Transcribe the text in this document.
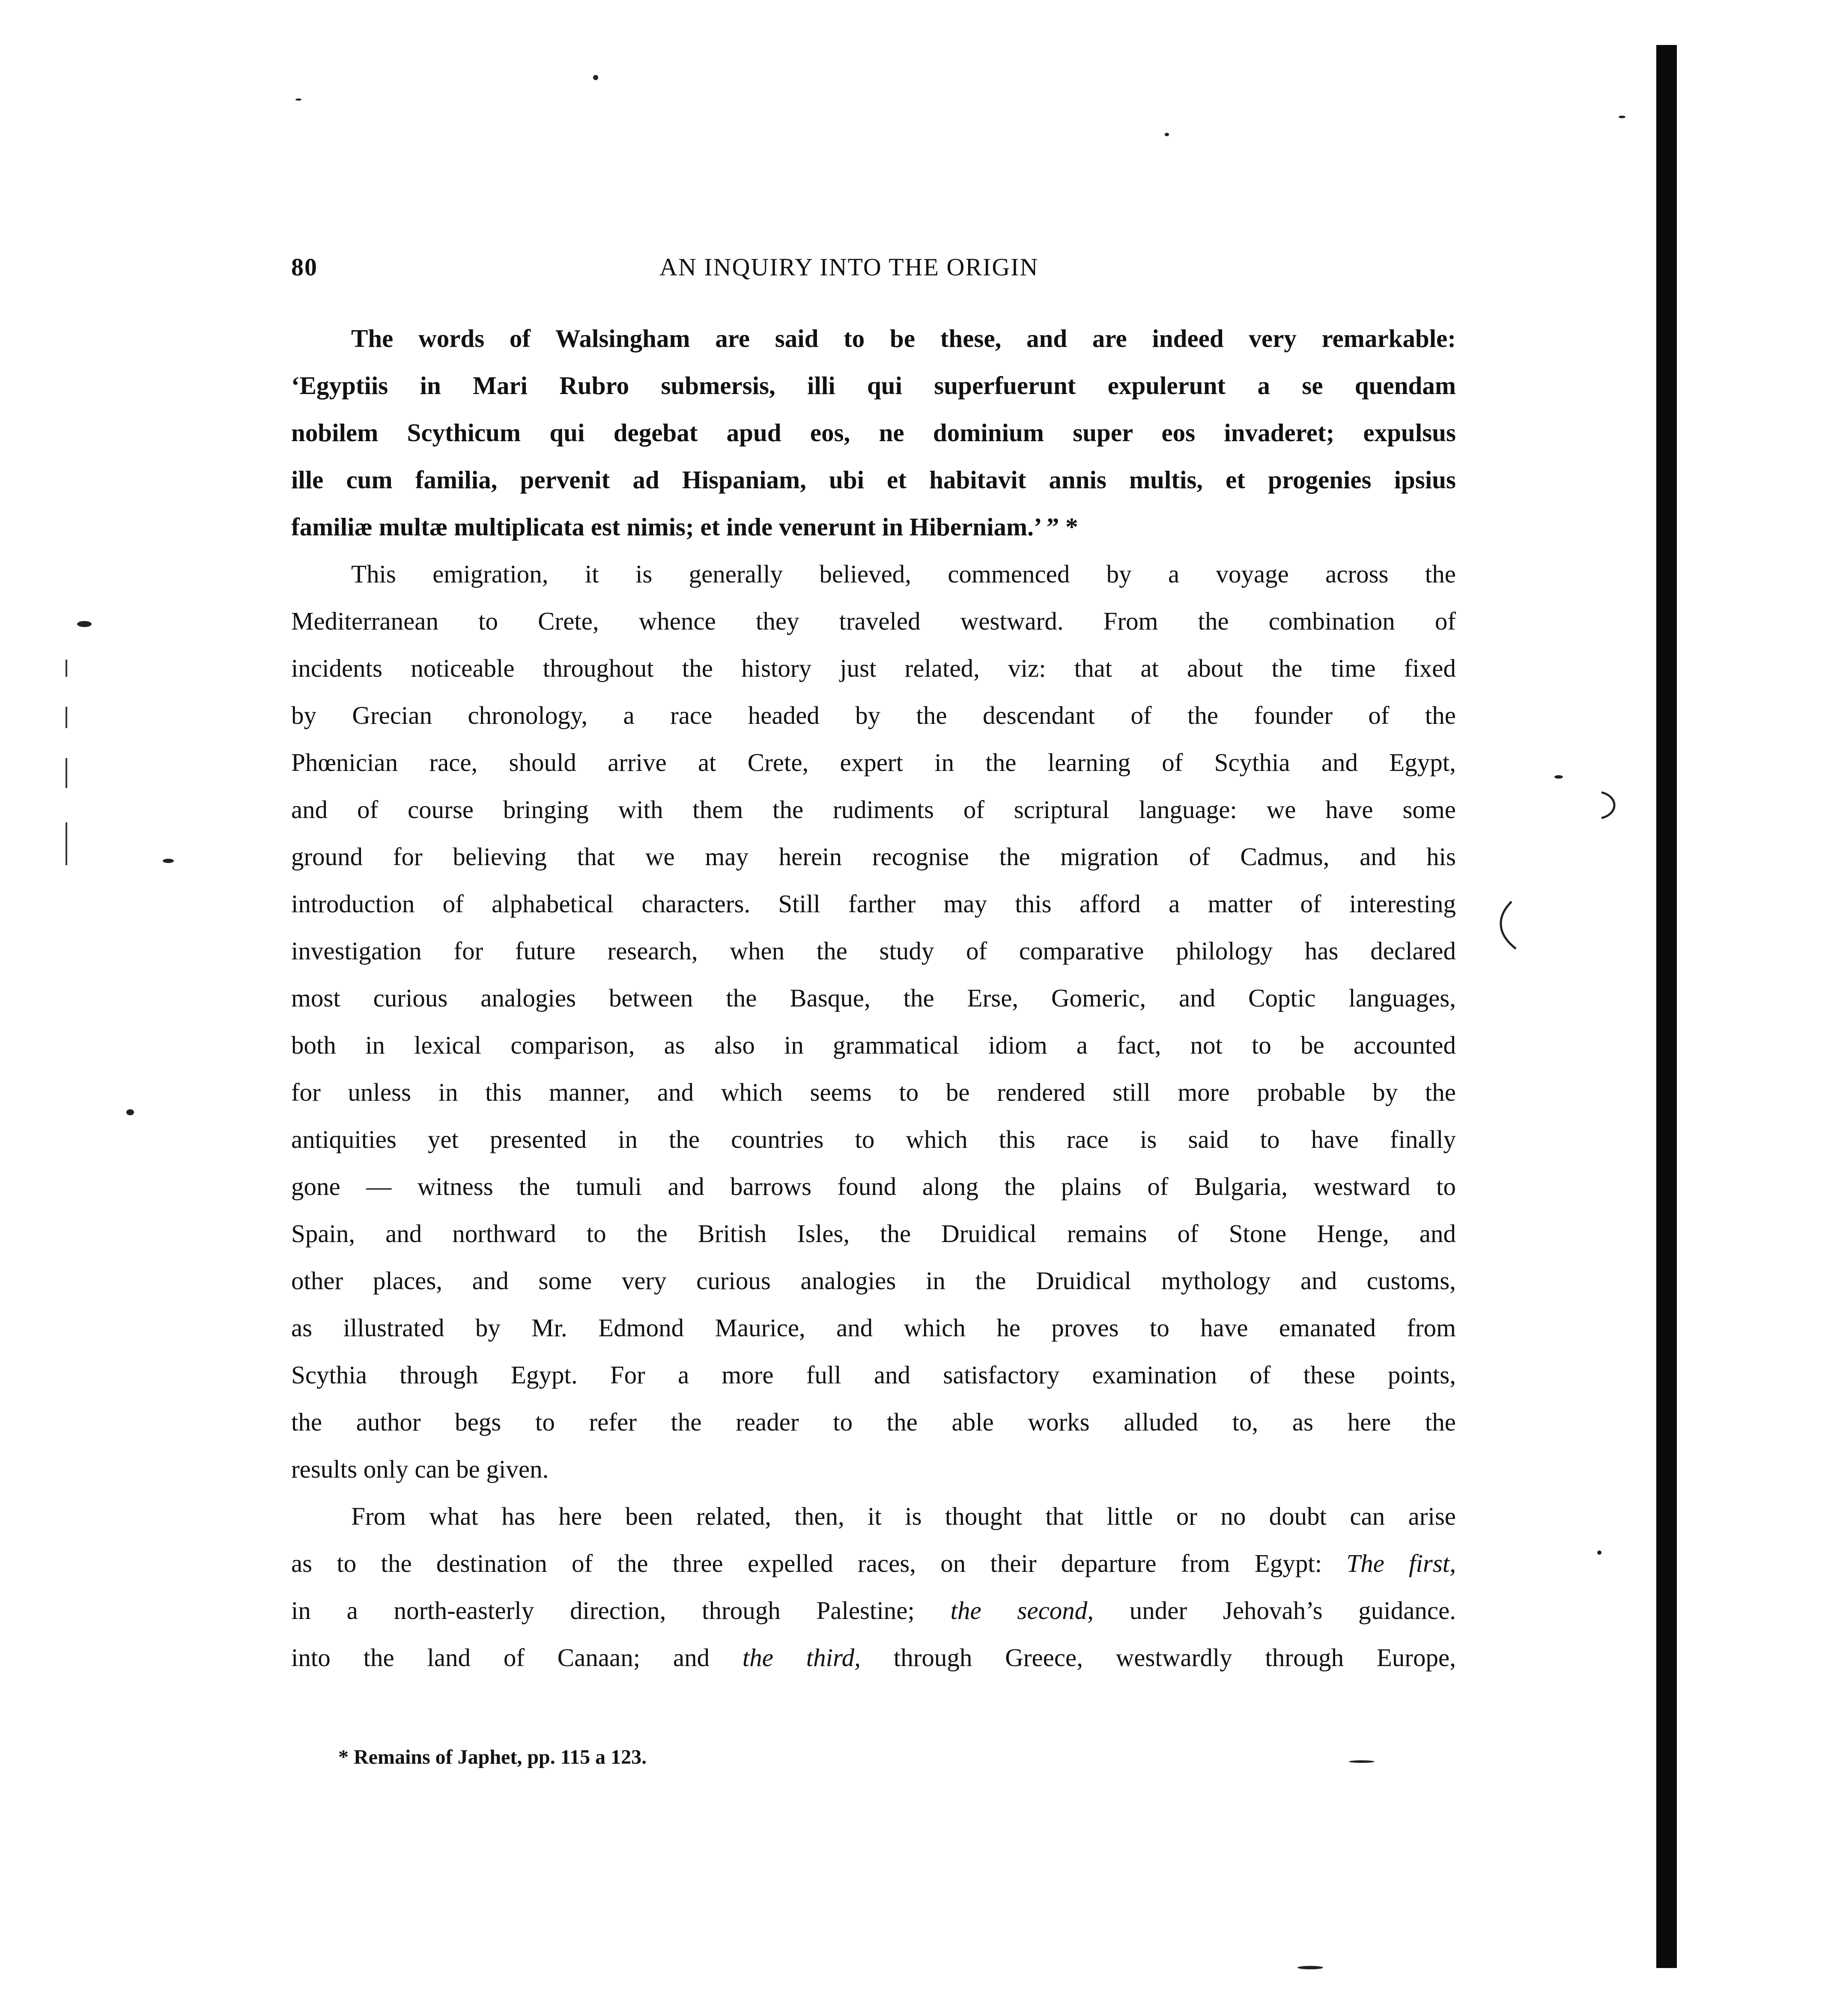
80	AN INQUIRY INTO THE ORIGIN
The words of Walsingham are said to be these, and are indeed very remarkable:
‘Egyptiis in Mari Rubro submersis, illi qui superfuerunt expulerunt a se quendam
nobilem Scythicum qui degebat apud eos, ne dominium super eos invaderet; expulsus
ille cum familia, pervenit ad Hispaniam, ubi et habitavit annis multis, et progenies ipsius
familiæ multæ multiplicata est nimis; et inde venerunt in Hiberniam.’ ” *
This emigration, it is generally believed, commenced by a voyage across the
Mediterranean to Crete, whence they traveled westward. From the combination of
incidents noticeable throughout the history just related, viz: that at about the time fixed
by Grecian chronology, a race headed by the descendant of the founder of the
Phœnician race, should arrive at Crete, expert in the learning of Scythia and Egypt,
and of course bringing with them the rudiments of scriptural language: we have some
ground for believing that we may herein recognise the migration of Cadmus, and his
introduction of alphabetical characters. Still farther may this afford a matter of interesting
investigation for future research, when the study of comparative philology has declared
most curious analogies between the Basque, the Erse, Gomeric, and Coptic languages,
both in lexical comparison, as also in grammatical idiom a fact, not to be accounted
for unless in this manner, and which seems to be rendered still more probable by the
antiquities yet presented in the countries to which this race is said to have finally
gone — witness the tumuli and barrows found along the plains of Bulgaria, westward to
Spain, and northward to the British Isles, the Druidical remains of Stone Henge, and
other places, and some very curious analogies in the Druidical mythology and customs,
as illustrated by Mr. Edmond Maurice, and which he proves to have emanated from
Scythia through Egypt. For a more full and satisfactory examination of these points,
the author begs to refer the reader to the able works alluded to, as here the
results only can be given.
From what has here been related, then, it is thought that little or no doubt can arise
as to the destination of the three expelled races, on their departure from Egypt: The first,
in a north-easterly direction, through Palestine; the second, under Jehovah’s guidance.
into the land of Canaan; and the third, through Greece, westwardly through Europe,
* Remains of Japhet, pp. 115 a 123.
